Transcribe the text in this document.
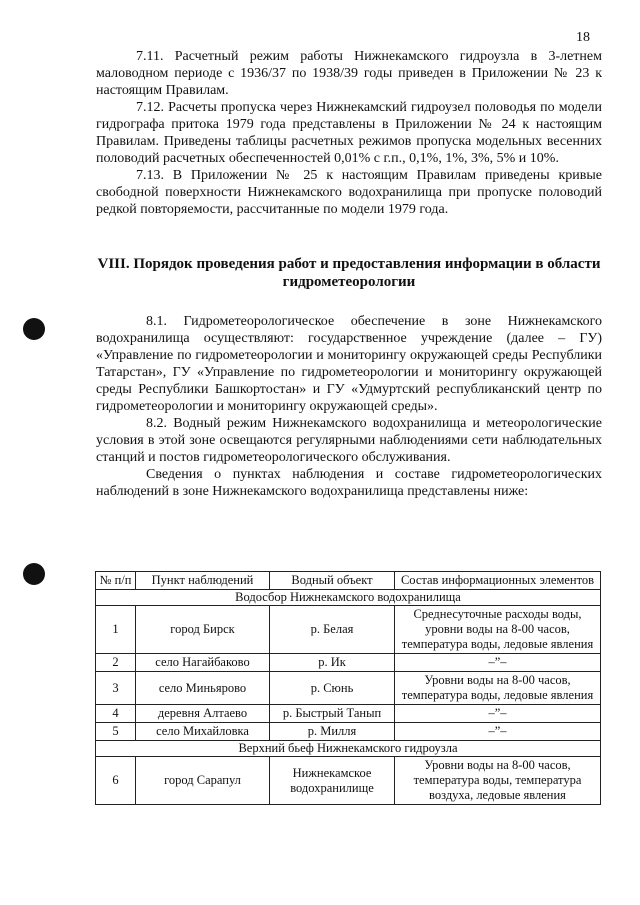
18

7.11. Расчетный режим работы Нижнекамского гидроузла в 3-летнем маловодном периоде с 1936/37 по 1938/39 годы приведен в Приложении № 23 к настоящим Правилам.

7.12. Расчеты пропуска через Нижнекамский гидроузел половодья по модели гидрографа притока 1979 года представлены в Приложении № 24 к настоящим Правилам. Приведены таблицы расчетных режимов пропуска модельных весенних половодий расчетных обеспеченностей 0,01% с г.п., 0,1%, 1%, 3%, 5% и 10%.

7.13. В Приложении № 25 к настоящим Правилам приведены кривые свободной поверхности Нижнекамского водохранилища при пропуске половодий редкой повторяемости, рассчитанные по модели 1979 года.

VIII. Порядок проведения работ и предоставления информации в области гидрометеорологии

8.1. Гидрометеорологическое обеспечение в зоне Нижнекамского водохранилища осуществляют: государственное учреждение (далее – ГУ) «Управление по гидрометеорологии и мониторингу окружающей среды Республики Татарстан», ГУ «Управление по гидрометеорологии и мониторингу окружающей среды Республики Башкортостан» и ГУ «Удмуртский республиканский центр по гидрометеорологии и мониторингу окружающей среды».

8.2. Водный режим Нижнекамского водохранилища и метеорологические условия в этой зоне освещаются регулярными наблюдениями сети наблюдательных станций и постов гидрометеорологического обслуживания.

Сведения о пунктах наблюдения и составе гидрометеорологических наблюдений в зоне Нижнекамского водохранилища представлены ниже:

№ п/п	Пункт наблюдений	Водный объект	Состав информационных элементов
Водосбор Нижнекамского водохранилища			
1	город Бирск	р. Белая	Среднесуточные расходы воды, уровни воды на 8-00 часов, температура воды, ледовые явления
2	село Нагайбаково	р. Ик	–”–
3	село Миньярово	р. Сюнь	Уровни воды на 8-00 часов, температура воды, ледовые явления
4	деревня Алтаево	р. Быстрый Танып	–”–
5	село Михайловка	р. Милля	–”–
Верхний бьеф Нижнекамского гидроузла			
6	город Сарапул	Нижнекамское водохранилище	Уровни воды на 8-00 часов, температура воды, температура воздуха, ледовые явления
